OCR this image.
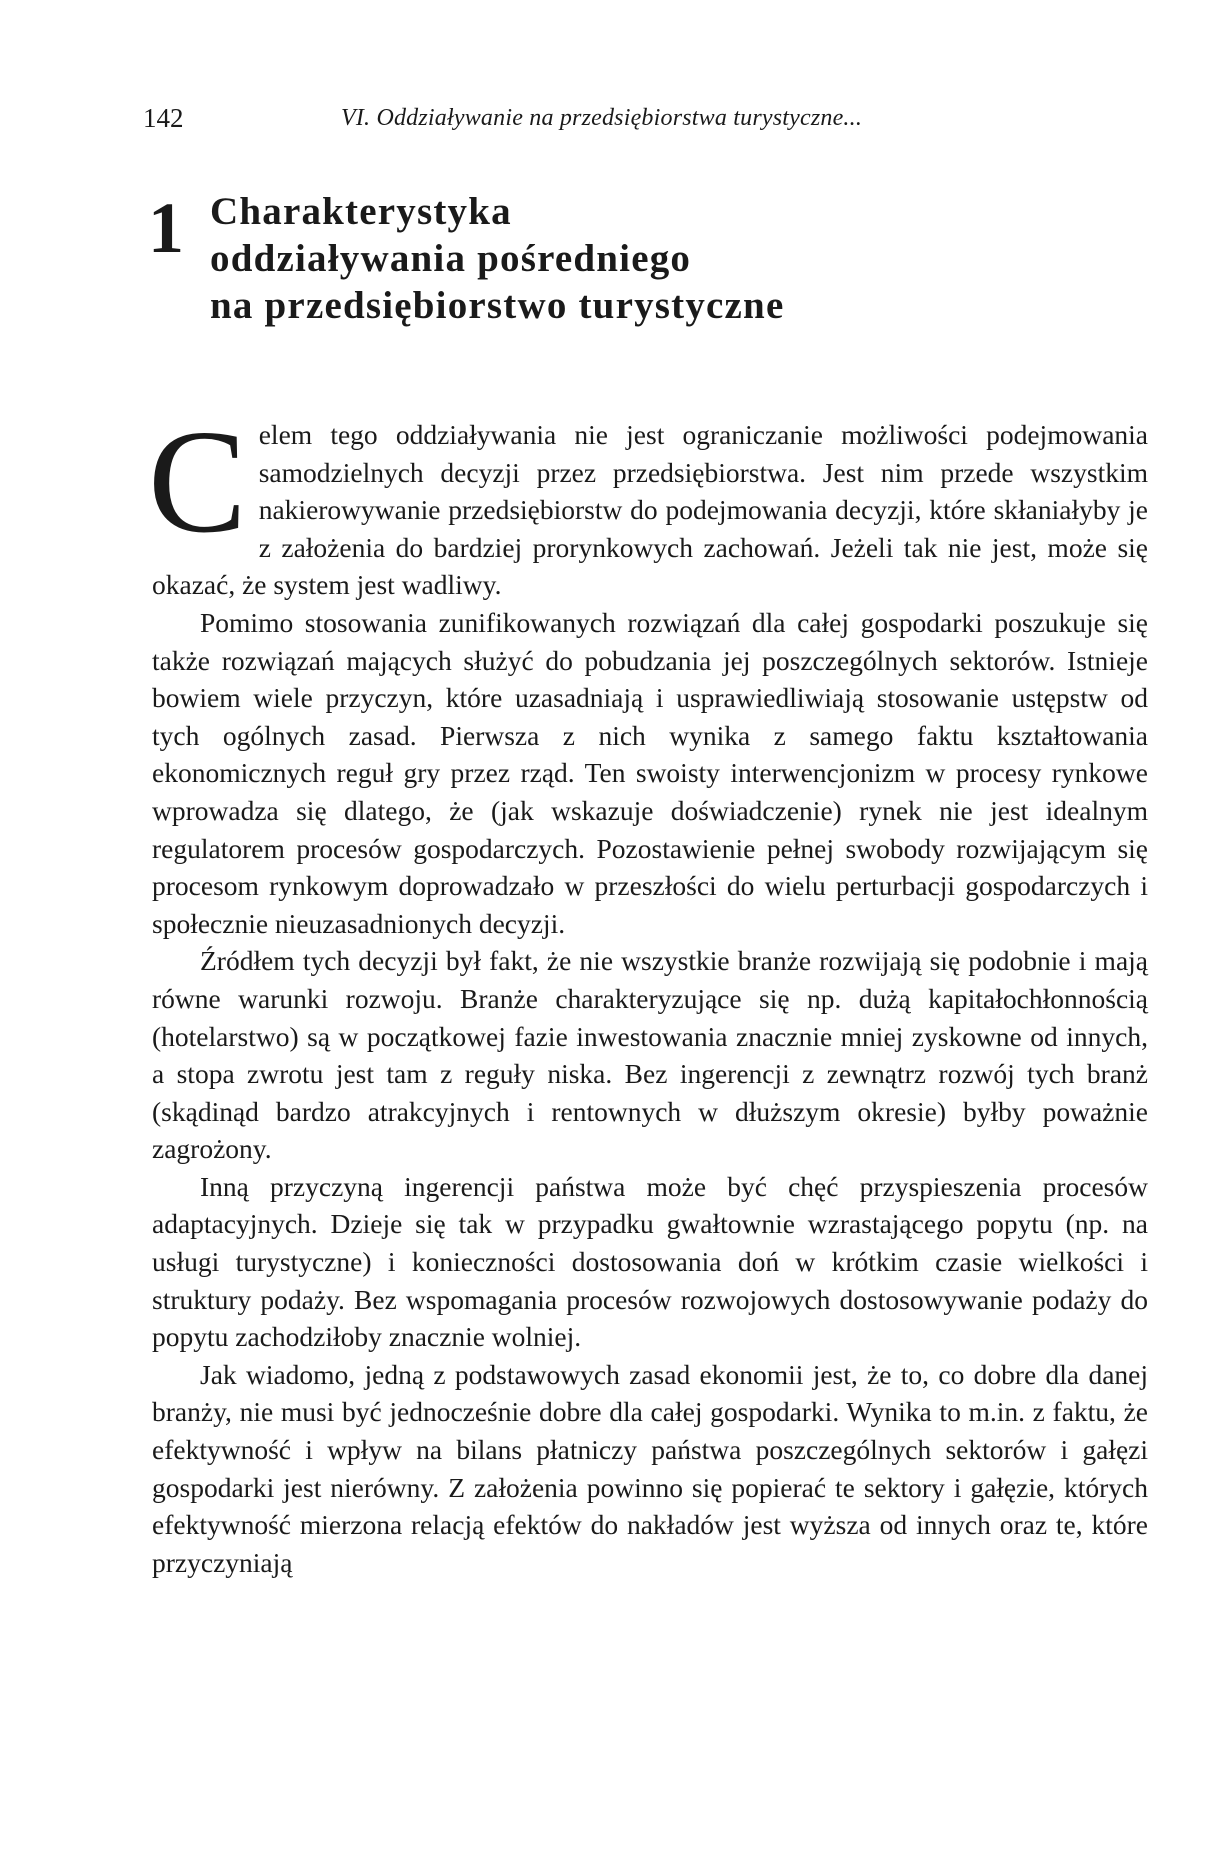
142	VI. Oddziaływanie na przedsiębiorstwa turystyczne...
1 Charakterystyka
oddziaływania pośredniego
na przedsiębiorstwo turystyczne

Celem tego oddziaływania nie jest ograniczanie możliwości podejmowania samodzielnych decyzji przez przedsiębiorstwa. Jest nim przede wszystkim nakierowywanie przedsiębiorstw do podejmowania decyzji, które skłaniałyby je z założenia do bardziej prorynkowych zachowań. Jeżeli tak nie jest, może się okazać, że system jest wadliwy.

Pomimo stosowania zunifikowanych rozwiązań dla całej gospodarki poszukuje się także rozwiązań mających służyć do pobudzania jej poszczególnych sektorów. Istnieje bowiem wiele przyczyn, które uzasadniają i usprawiedliwiają stosowanie ustępstw od tych ogólnych zasad. Pierwsza z nich wynika z samego faktu kształtowania ekonomicznych reguł gry przez rząd. Ten swoisty interwencjonizm w procesy rynkowe wprowadza się dlatego, że (jak wskazuje doświadczenie) rynek nie jest idealnym regulatorem procesów gospodarczych. Pozostawienie pełnej swobody rozwijającym się procesom rynkowym doprowadzało w przeszłości do wielu perturbacji gospodarczych i społecznie nieuzasadnionych decyzji.

Źródłem tych decyzji był fakt, że nie wszystkie branże rozwijają się podobnie i mają równe warunki rozwoju. Branże charakteryzujące się np. dużą kapitałochłonnością (hotelarstwo) są w początkowej fazie inwestowania znacznie mniej zyskowne od innych, a stopa zwrotu jest tam z reguły niska. Bez ingerencji z zewnątrz rozwój tych branż (skądinąd bardzo atrakcyjnych i rentownych w dłuższym okresie) byłby poważnie zagrożony.

Inną przyczyną ingerencji państwa może być chęć przyspieszenia procesów adaptacyjnych. Dzieje się tak w przypadku gwałtownie wzrastającego popytu (np. na usługi turystyczne) i konieczności dostosowania doń w krótkim czasie wielkości i struktury podaży. Bez wspomagania procesów rozwojowych dostosowywanie podaży do popytu zachodziłoby znacznie wolniej.

Jak wiadomo, jedną z podstawowych zasad ekonomii jest, że to, co dobre dla danej branży, nie musi być jednocześnie dobre dla całej gospodarki. Wynika to m.in. z faktu, że efektywność i wpływ na bilans płatniczy państwa poszczególnych sektorów i gałęzi gospodarki jest nierówny. Z założenia powinno się popierać te sektory i gałęzie, których efektywność mierzona relacją efektów do nakładów jest wyższa od innych oraz te, które przyczyniają
